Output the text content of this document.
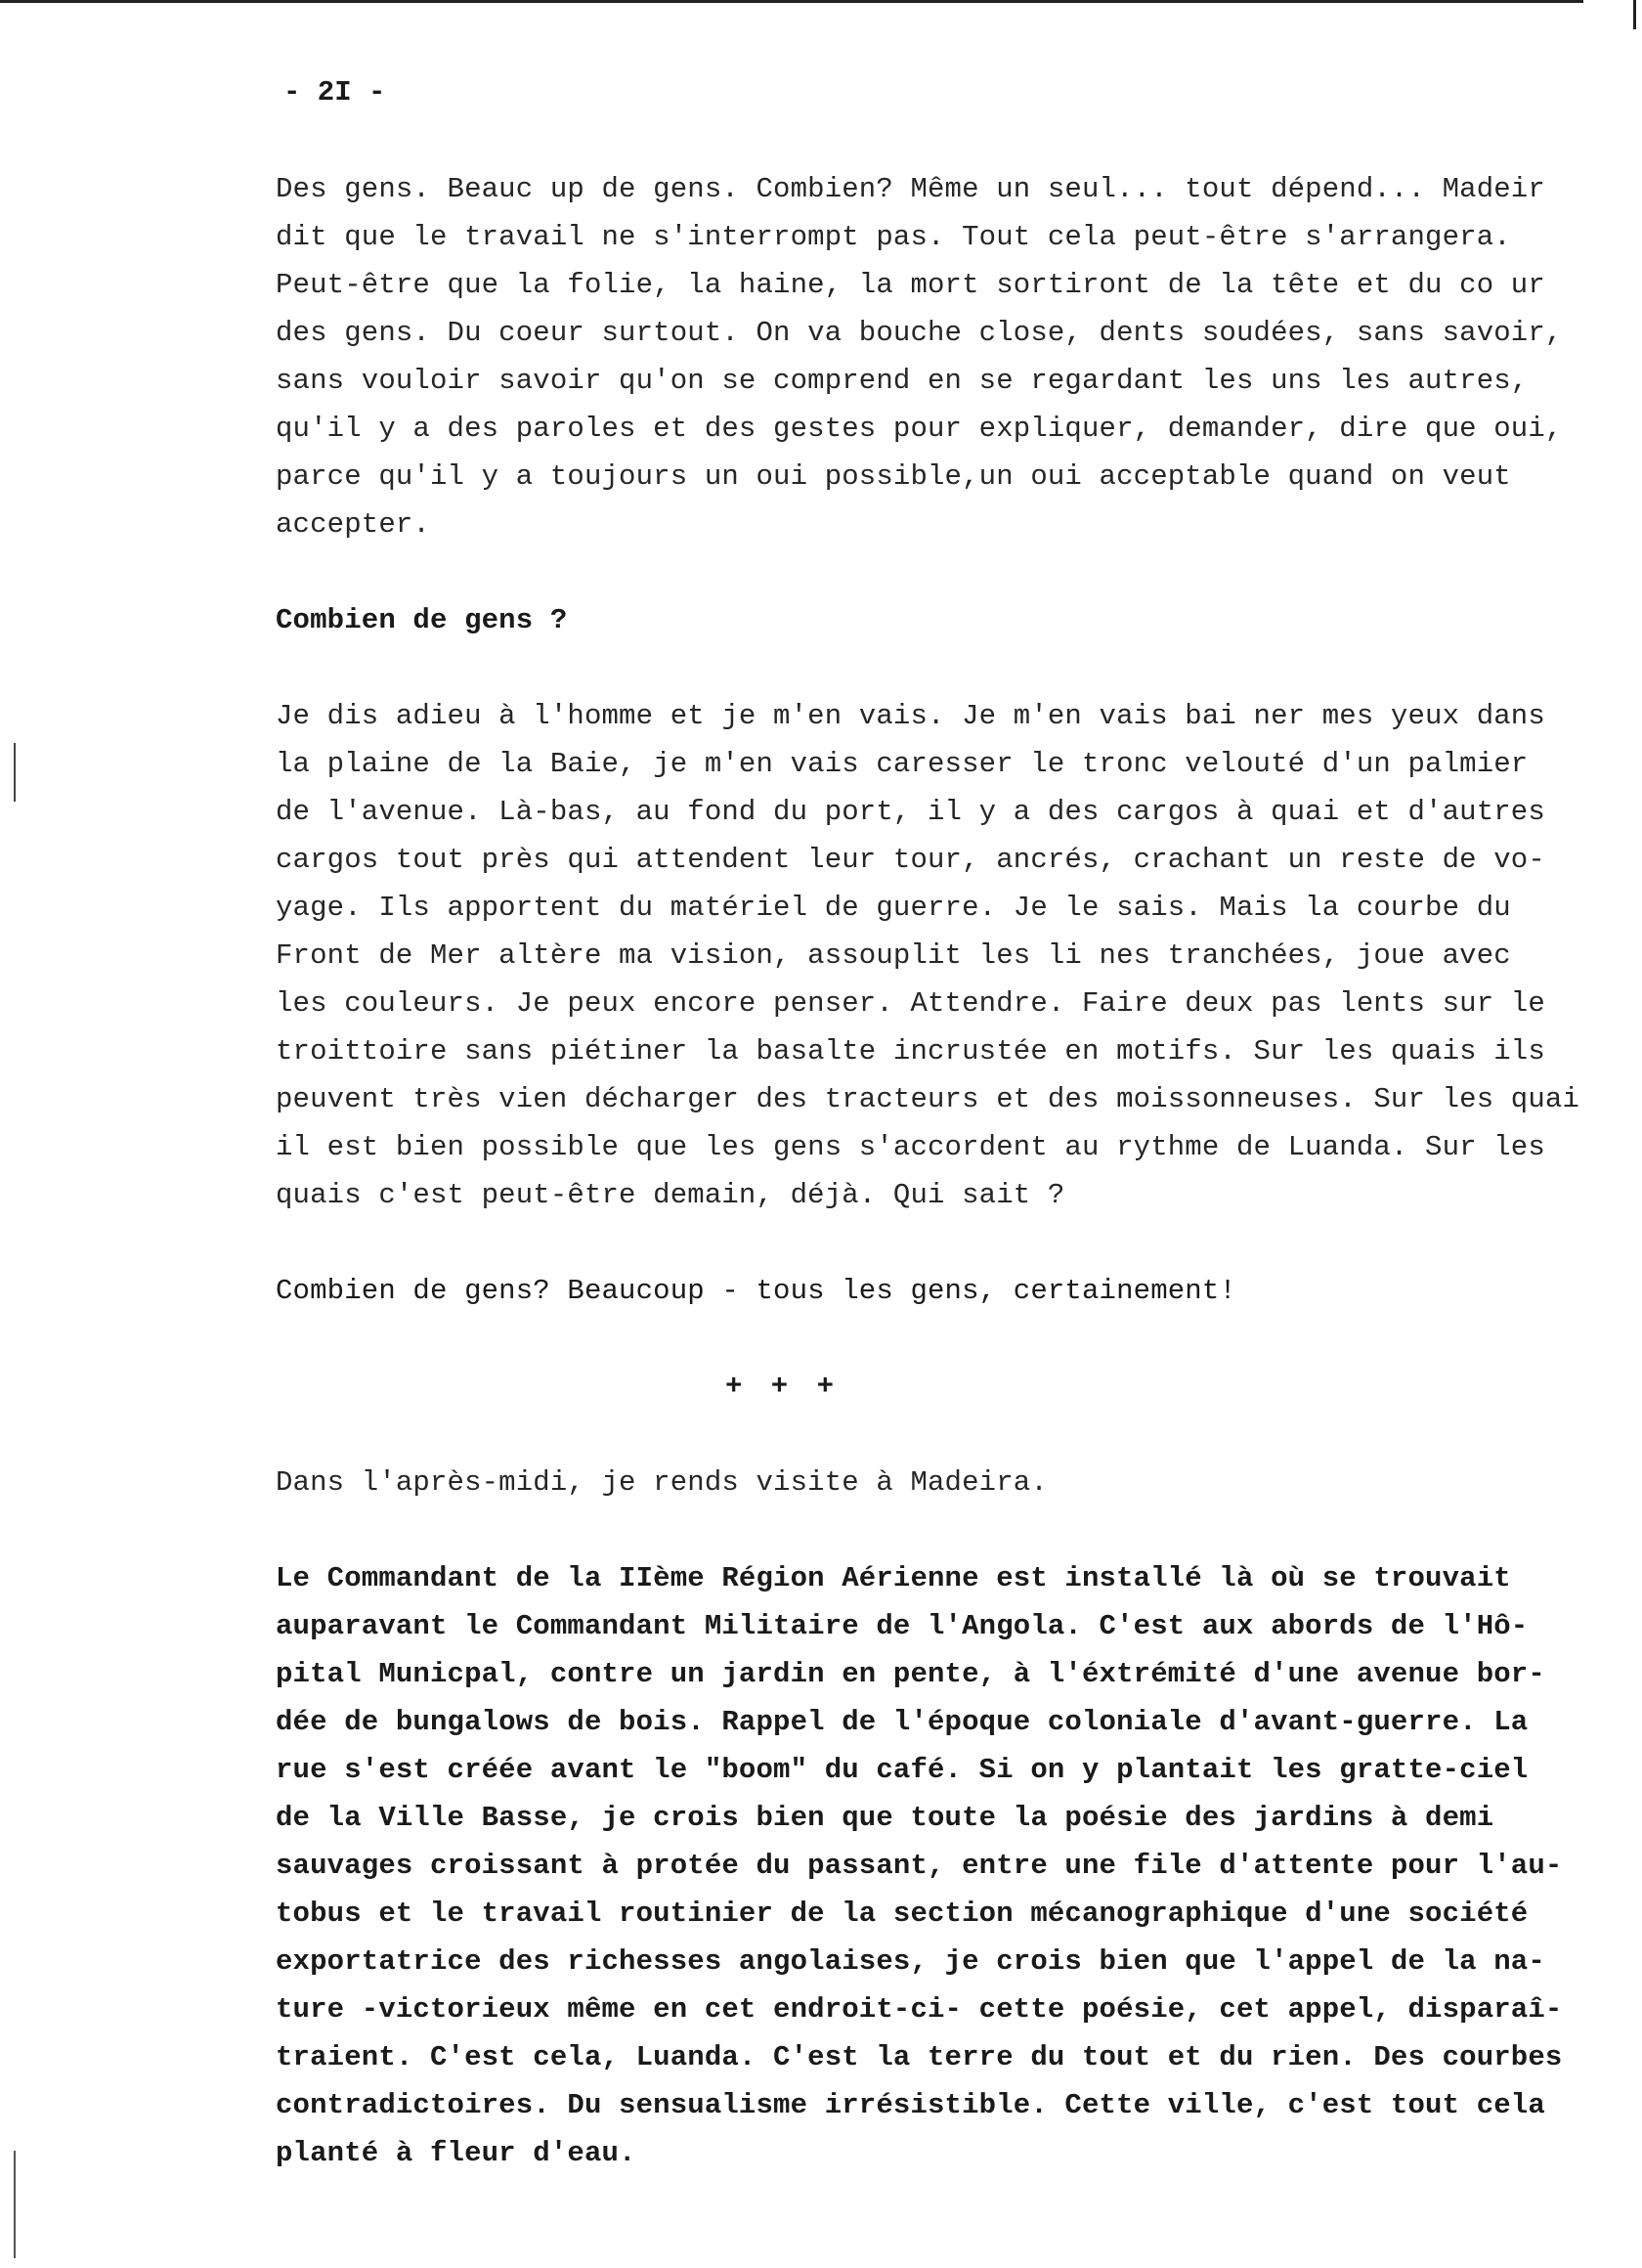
- 2I -
Des gens. Beauc up de gens. Combien? Même un seul... tout dépend... Madeir
dit que le travail ne s'interrompt pas. Tout cela peut-être s'arrangera.
Peut-être que la folie, la haine, la mort sortiront de la tête et du co ur
des gens. Du coeur surtout. On va bouche close, dents soudées, sans savoir,
sans vouloir savoir qu'on se comprend en se regardant les uns les autres,
qu'il y a des paroles et des gestes pour expliquer, demander, dire que oui,
parce qu'il y a toujours un oui possible,un oui acceptable quand on veut
accepter.
Combien de gens ?
Je dis adieu à l'homme et je m'en vais. Je m'en vais bai ner mes yeux dans
la plaine de la Baie, je m'en vais caresser le tronc velouté d'un palmier
de l'avenue. Là-bas, au fond du port, il y a des cargos à quai et d'autres
cargos tout près qui attendent leur tour, ancrés, crachant un reste de vo-
yage. Ils apportent du matériel de guerre. Je le sais. Mais la courbe du
Front de Mer altère ma vision, assouplit les li nes tranchées, joue avec
les couleurs. Je peux encore penser. Attendre. Faire deux pas lents sur le
troittoire sans piétiner la basalte incrustée en motifs. Sur les quais ils
peuvent très vien décharger des tracteurs et des moissonneuses. Sur les quai
il est bien possible que les gens s'accordent au rythme de Luanda. Sur les
quais c'est peut-être demain, déjà. Qui sait ?
Combien de gens? Beaucoup - tous les gens, certainement!
+ + +
Dans l'après-midi, je rends visite à Madeira.
Le Commandant de la IIème Région Aérienne est installé là où se trouvait
auparavant le Commandant Militaire de l'Angola. C'est aux abords de l'Hô-
pital Municpal, contre un jardin en pente, à l'éxtrémité d'une avenue bor-
dée de bungalows de bois. Rappel de l'époque coloniale d'avant-guerre. La
rue s'est créée avant le "boom" du café. Si on y plantait les gratte-ciel
de la Ville Basse, je crois bien que toute la poésie des jardins à demi
sauvages croissant à protée du passant, entre une file d'attente pour l'au-
tobus et le travail routinier de la section mécanographique d'une société
exportatrice des richesses angolaises, je crois bien que l'appel de la na-
ture -victorieux même en cet endroit-ci- cette poésie, cet appel, disparaî-
traient. C'est cela, Luanda. C'est la terre du tout et du rien. Des courbes
contradictoires. Du sensualisme irrésistible. Cette ville, c'est tout cela
planté à fleur d'eau.
